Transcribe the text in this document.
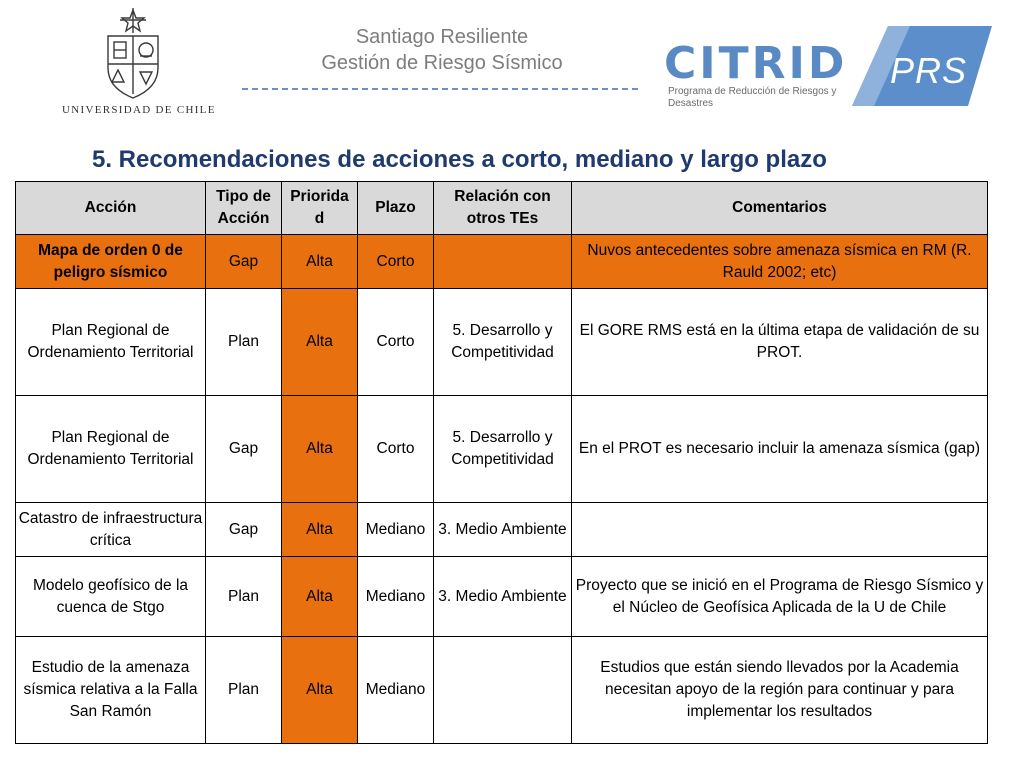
UNIVERSIDAD DE CHILE
Santiago Resiliente
Gestión de Riesgo Sísmico	CITRID
Programa de Reducción de Riesgos y Desastres
PRS
5. Recomendaciones de acciones a corto, mediano y largo plazo
Acción	Tipo de Acción	Priorida d	Plazo	Relación con otros TEs	Comentarios
Mapa de orden 0 de peligro sísmico	Gap	Alta	Corto		Nuvos antecedentes sobre amenaza sísmica en RM (R. Rauld 2002; etc)
Plan Regional de Ordenamiento Territorial	Plan	Alta	Corto	5. Desarrollo y Competitividad	El GORE RMS está en la última etapa de validación de su PROT.
Plan Regional de Ordenamiento Territorial	Gap	Alta	Corto	5. Desarrollo y Competitividad	En el PROT es necesario incluir la amenaza sísmica (gap)
Catastro de infraestructura crítica	Gap	Alta	Mediano	3. Medio Ambiente	
Modelo geofísico de la cuenca de Stgo	Plan	Alta	Mediano	3. Medio Ambiente	Proyecto que se inició en el Programa de Riesgo Sísmico y el Núcleo de Geofísica Aplicada de la U de Chile
Estudio de la amenaza sísmica relativa a la Falla San Ramón	Plan	Alta	Mediano		Estudios que están siendo llevados por la Academia necesitan apoyo de la región para continuar y para implementar los resultados
